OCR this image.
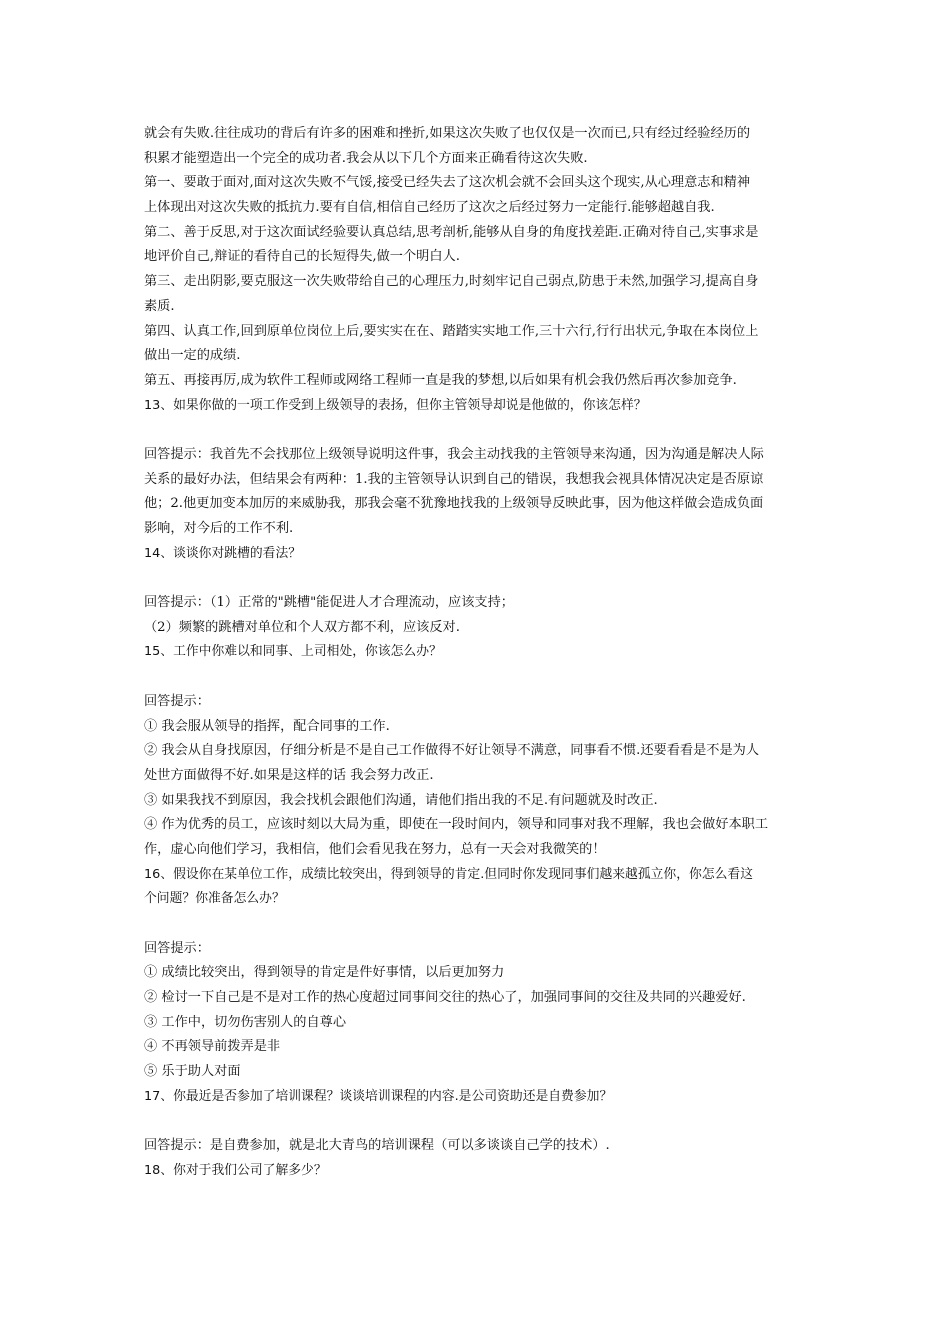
就会有失败.往往成功的背后有许多的困难和挫折,如果这次失败了也仅仅是一次而已,只有经过经验经历的
积累才能塑造出一个完全的成功者.我会从以下几个方面来正确看待这次失败.
第一、要敢于面对,面对这次失败不气馁,接受已经失去了这次机会就不会回头这个现实,从心理意志和精神
上体现出对这次失败的抵抗力.要有自信,相信自己经历了这次之后经过努力一定能行.能够超越自我.
第二、善于反思,对于这次面试经验要认真总结,思考剖析,能够从自身的角度找差距.正确对待自己,实事求是
地评价自己,辩证的看待自己的长短得失,做一个明白人.
第三、走出阴影,要克服这一次失败带给自己的心理压力,时刻牢记自己弱点,防患于未然,加强学习,提高自身
素质.
第四、认真工作,回到原单位岗位上后,要实实在在、踏踏实实地工作,三十六行,行行出状元,争取在本岗位上
做出一定的成绩.
第五、再接再厉,成为软件工程师或网络工程师一直是我的梦想,以后如果有机会我仍然后再次参加竞争.
13、如果你做的一项工作受到上级领导的表扬，但你主管领导却说是他做的，你该怎样？
回答提示：我首先不会找那位上级领导说明这件事，我会主动找我的主管领导来沟通，因为沟通是解决人际
关系的最好办法，但结果会有两种：1.我的主管领导认识到自己的错误，我想我会视具体情况决定是否原谅
他；2.他更加变本加厉的来威胁我，那我会毫不犹豫地找我的上级领导反映此事，因为他这样做会造成负面
影响，对今后的工作不利.
14、谈谈你对跳槽的看法？
回答提示：（1）正常的"跳槽"能促进人才合理流动，应该支持；
（2）频繁的跳槽对单位和个人双方都不利，应该反对.
15、工作中你难以和同事、上司相处，你该怎么办？
回答提示：
① 我会服从领导的指挥，配合同事的工作.
② 我会从自身找原因，仔细分析是不是自己工作做得不好让领导不满意，同事看不惯.还要看看是不是为人
处世方面做得不好.如果是这样的话 我会努力改正.
③ 如果我找不到原因，我会找机会跟他们沟通，请他们指出我的不足.有问题就及时改正.
④ 作为优秀的员工，应该时刻以大局为重，即使在一段时间内，领导和同事对我不理解，我也会做好本职工
作，虚心向他们学习，我相信，他们会看见我在努力，总有一天会对我微笑的！
16、假设你在某单位工作，成绩比较突出，得到领导的肯定.但同时你发现同事们越来越孤立你，你怎么看这
个问题？你准备怎么办？
回答提示：
① 成绩比较突出，得到领导的肯定是件好事情，以后更加努力
② 检讨一下自己是不是对工作的热心度超过同事间交往的热心了，加强同事间的交往及共同的兴趣爱好.
③ 工作中，切勿伤害别人的自尊心
④ 不再领导前拨弄是非
⑤ 乐于助人对面
17、你最近是否参加了培训课程？谈谈培训课程的内容.是公司资助还是自费参加？
回答提示：是自费参加，就是北大青鸟的培训课程（可以多谈谈自己学的技术）.
18、你对于我们公司了解多少？
